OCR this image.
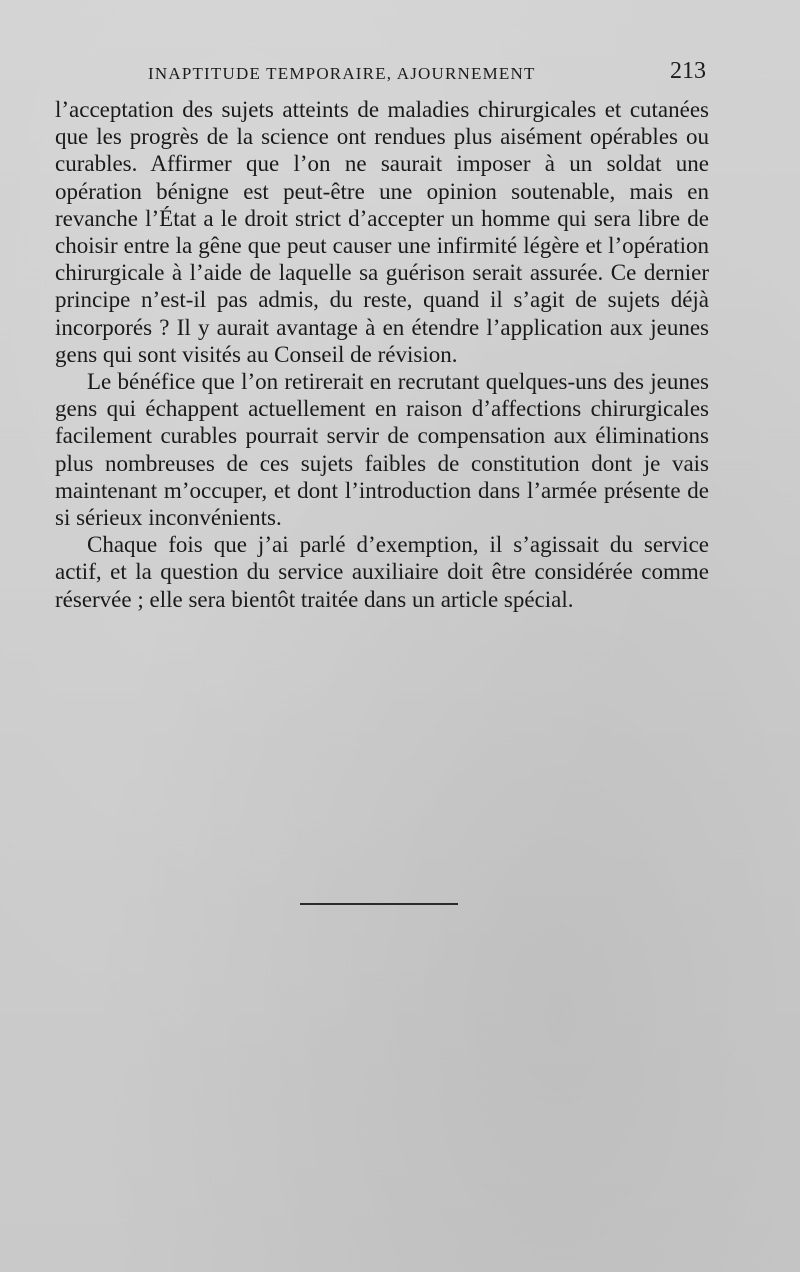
INAPTITUDE TEMPORAIRE, AJOURNEMENT	213

l’acceptation des sujets atteints de maladies chirurgicales et cutanées que les progrès de la science ont rendues plus aisément opérables ou curables. Affirmer que l’on ne saurait imposer à un soldat une opération bénigne est peut-être une opinion soutenable, mais en revanche l’État a le droit strict d’accepter un homme qui sera libre de choisir entre la gêne que peut causer une infirmité légère et l’opération chirurgicale à l’aide de laquelle sa guérison serait assurée. Ce dernier principe n’est-il pas admis, du reste, quand il s’agit de sujets déjà incorporés ? Il y aurait avantage à en étendre l’application aux jeunes gens qui sont visités au Conseil de révision.

Le bénéfice que l’on retirerait en recrutant quelques-uns des jeunes gens qui échappent actuellement en raison d’affections chirurgicales facilement curables pourrait servir de compensation aux éliminations plus nombreuses de ces sujets faibles de constitution dont je vais maintenant m’occuper, et dont l’introduction dans l’armée présente de si sérieux inconvénients.

Chaque fois que j’ai parlé d’exemption, il s’agissait du service actif, et la question du service auxiliaire doit être considérée comme réservée ; elle sera bientôt traitée dans un article spécial.
